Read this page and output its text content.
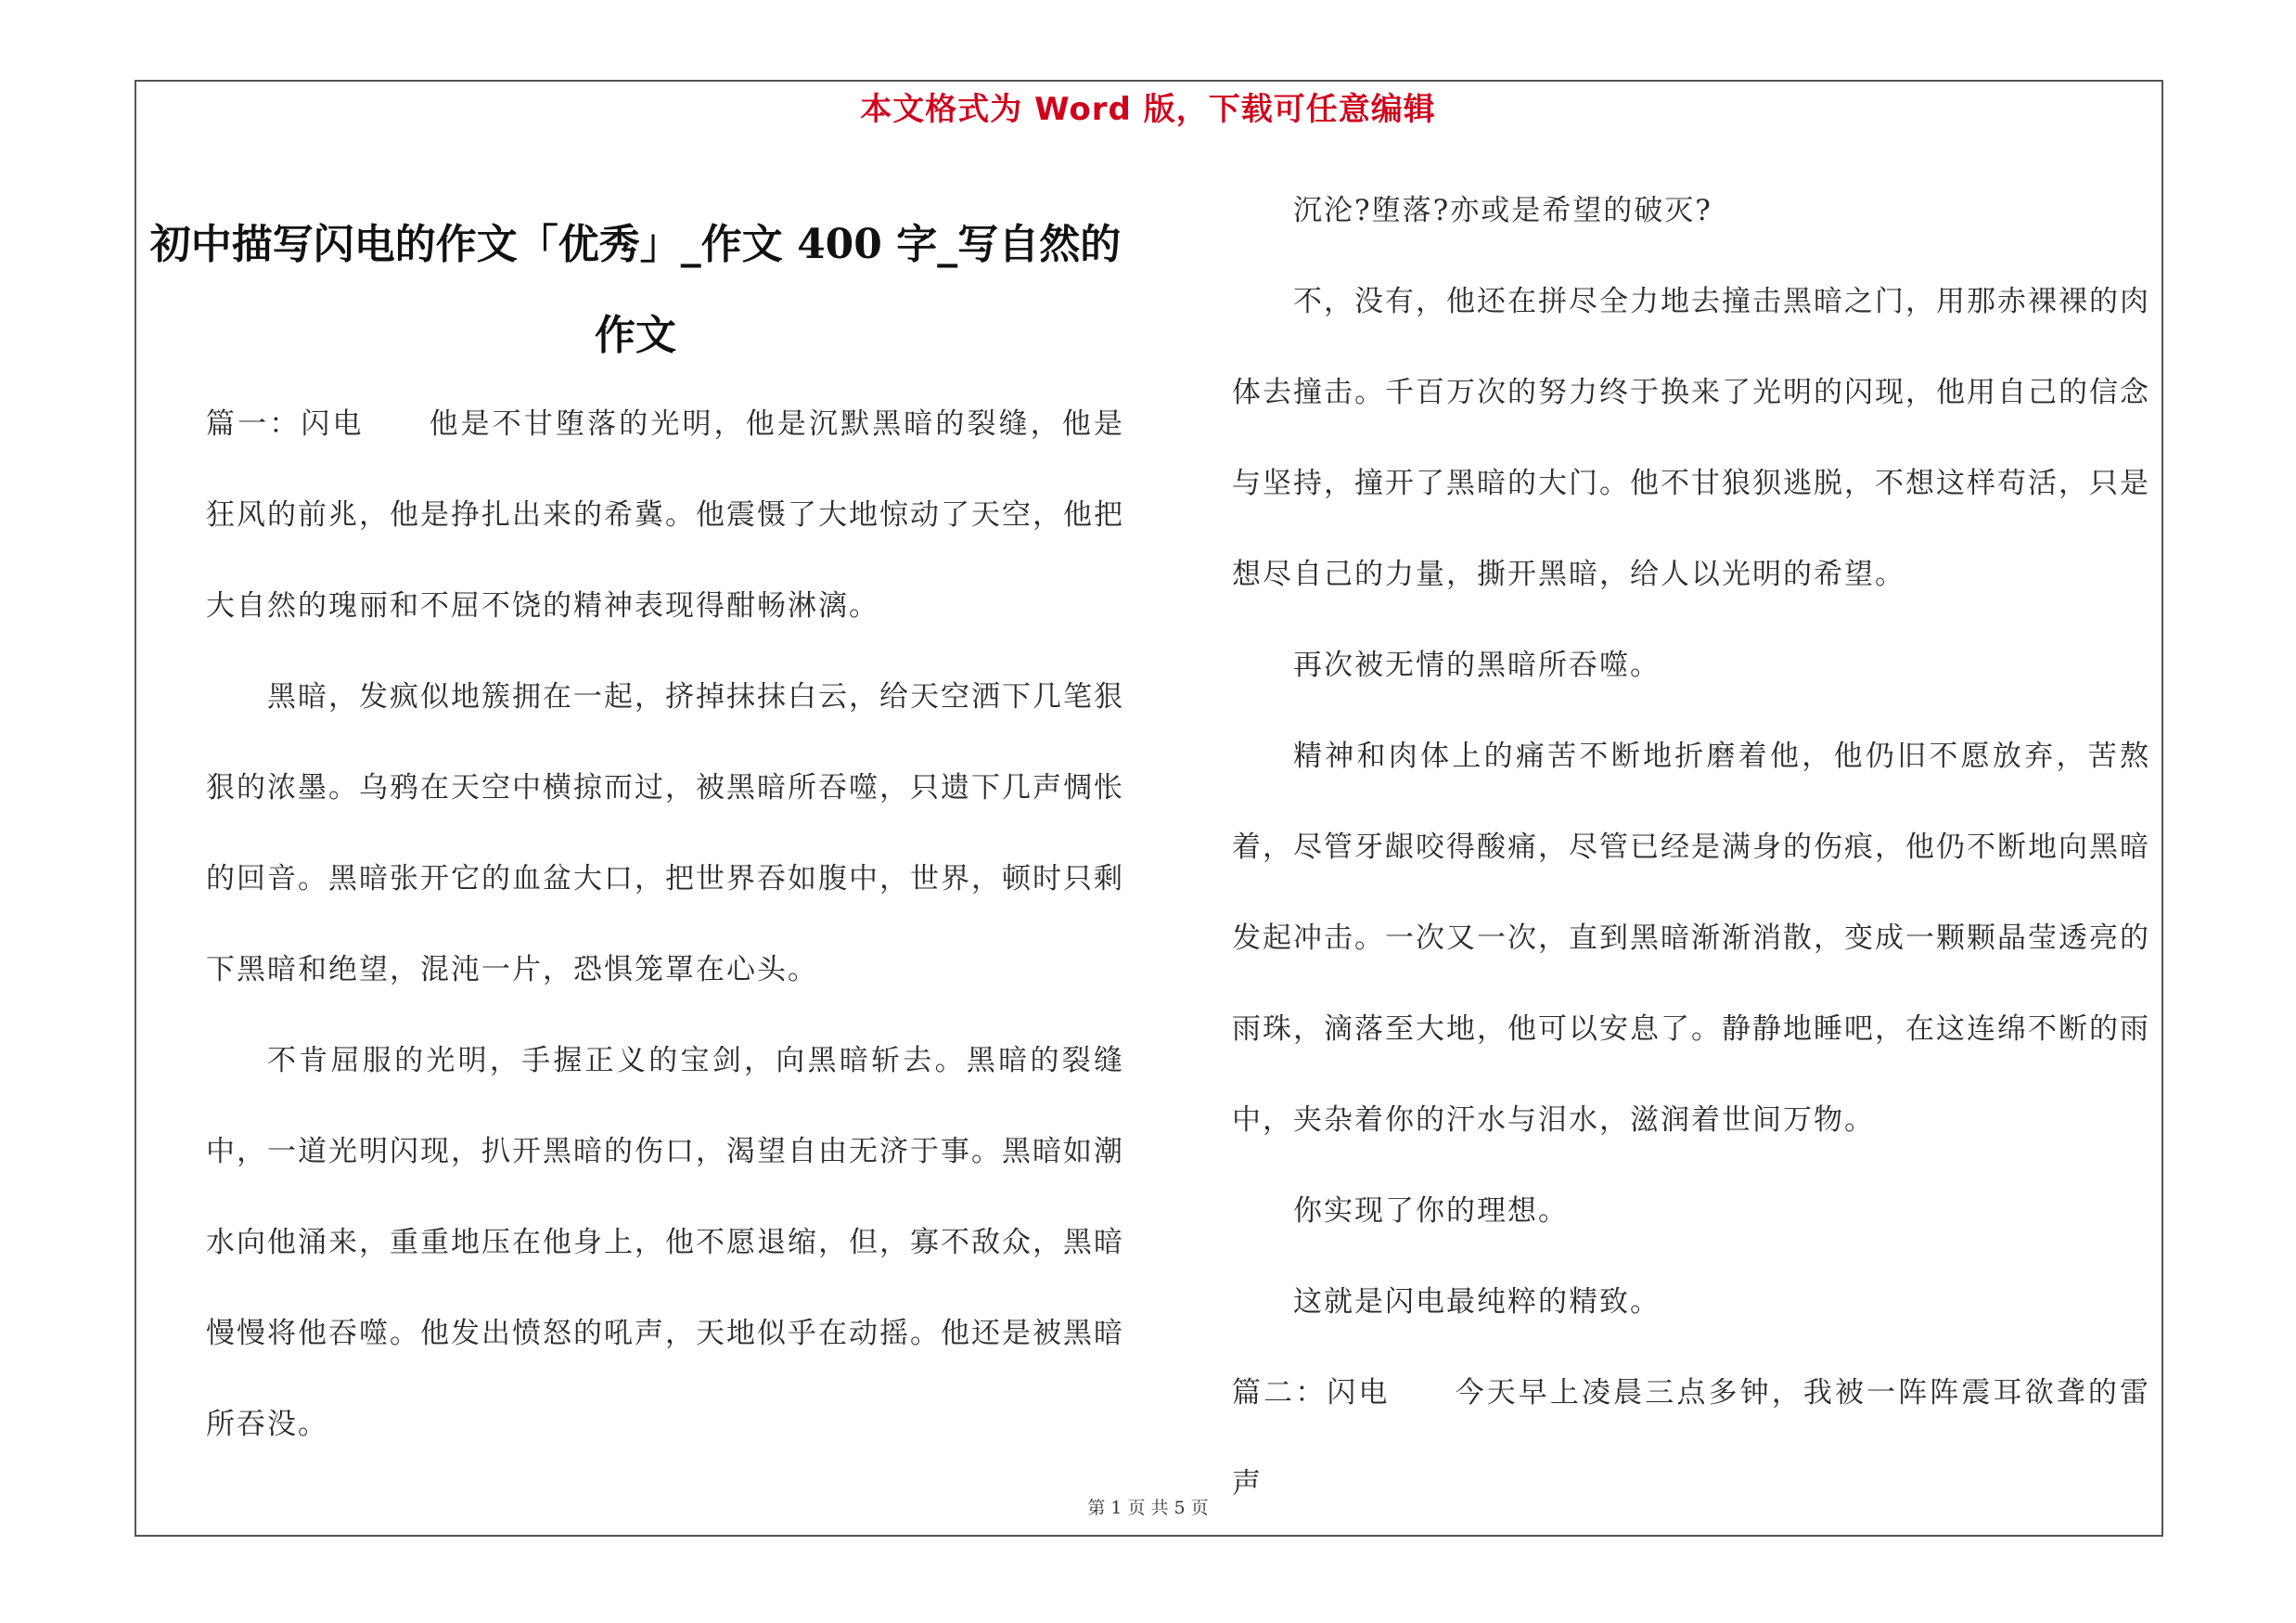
本文格式为 Word 版，下载可任意编辑
初中描写闪电的作文「优秀」_作文 400 字_写自然的作文

篇一：闪电 他是不甘堕落的光明，他是沉默黑暗的裂缝，他是狂风的前兆，他是挣扎出来的希冀。他震慑了大地惊动了天空，他把大自然的瑰丽和不屈不饶的精神表现得酣畅淋漓。

黑暗，发疯似地簇拥在一起，挤掉抹抹白云，给天空洒下几笔狠狠的浓墨。乌鸦在天空中横掠而过，被黑暗所吞噬，只遗下几声惆怅的回音。黑暗张开它的血盆大口，把世界吞如腹中，世界，顿时只剩下黑暗和绝望，混沌一片，恐惧笼罩在心头。

不肯屈服的光明，手握正义的宝剑，向黑暗斩去。黑暗的裂缝中，一道光明闪现，扒开黑暗的伤口，渴望自由无济于事。黑暗如潮水向他涌来，重重地压在他身上，他不愿退缩，但，寡不敌众，黑暗慢慢将他吞噬。他发出愤怒的吼声，天地似乎在动摇。他还是被黑暗所吞没。

沉沦?堕落?亦或是希望的破灭?

不，没有，他还在拼尽全力地去撞击黑暗之门，用那赤裸裸的肉体去撞击。千百万次的努力终于换来了光明的闪现，他用自己的信念与坚持，撞开了黑暗的大门。他不甘狼狈逃脱，不想这样苟活，只是想尽自己的力量，撕开黑暗，给人以光明的希望。

再次被无情的黑暗所吞噬。

精神和肉体上的痛苦不断地折磨着他，他仍旧不愿放弃，苦熬着，尽管牙龈咬得酸痛，尽管已经是满身的伤痕，他仍不断地向黑暗发起冲击。一次又一次，直到黑暗渐渐消散，变成一颗颗晶莹透亮的雨珠，滴落至大地，他可以安息了。静静地睡吧，在这连绵不断的雨中，夹杂着你的汗水与泪水，滋润着世间万物。

你实现了你的理想。

这就是闪电最纯粹的精致。

篇二：闪电 今天早上凌晨三点多钟，我被一阵阵震耳欲聋的雷声

第 1 页 共 5 页
